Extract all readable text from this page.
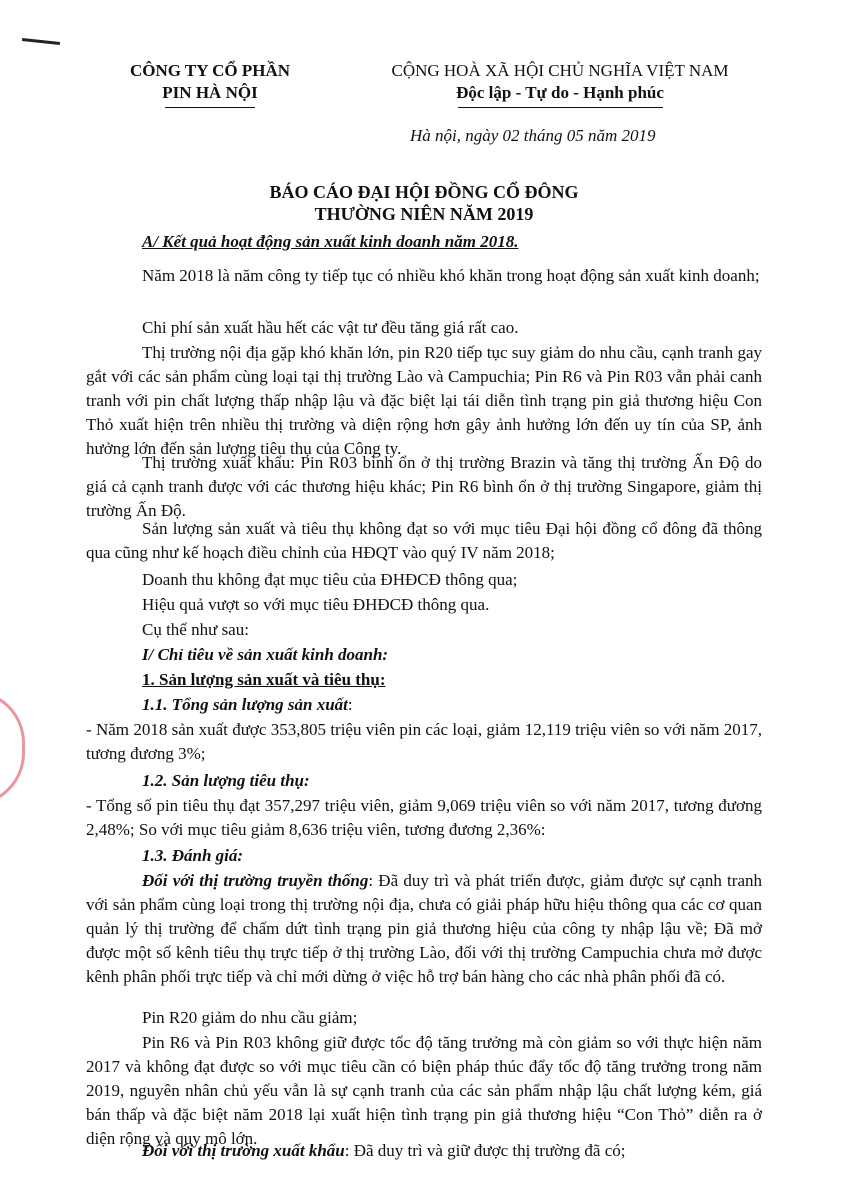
CÔNG TY CỔ PHẦN
PIN HÀ NỘI
CỘNG HOÀ XÃ HỘI CHỦ NGHĨA VIỆT NAM
Độc lập - Tự do - Hạnh phúc
Hà nội, ngày 02 tháng 05 năm 2019
BÁO CÁO ĐẠI HỘI ĐỒNG CỔ ĐÔNG
THƯỜNG NIÊN NĂM 2019
A/ Kết quả hoạt động sản xuất kinh doanh năm 2018.
Năm 2018 là năm công ty tiếp tục có nhiều khó khăn trong hoạt động sản xuất kinh doanh;
Chi phí sản xuất hầu hết các vật tư đều tăng giá rất cao.
Thị trường nội địa gặp khó khăn lớn, pin R20 tiếp tục suy giảm do nhu cầu, cạnh tranh gay gắt với các sản phẩm cùng loại tại thị trường Lào và Campuchia; Pin R6 và Pin R03 vẫn phải canh tranh với pin chất lượng thấp nhập lậu và đặc biệt lại tái diễn tình trạng pin giả thương hiệu Con Thỏ xuất hiện trên nhiều thị trường và diện rộng hơn gây ảnh hưởng lớn đến uy tín của SP, ảnh hưởng lớn đến sản lượng tiêu thụ của Công ty.
Thị trường xuất khẩu: Pin R03 bình ổn ở thị trường Brazin và tăng thị trường Ấn Độ do giá cả cạnh tranh được với các thương hiệu khác; Pin R6 bình ổn ở thị trường Singapore, giảm thị trường Ấn Độ.
Sản lượng sản xuất và tiêu thụ không đạt so với mục tiêu Đại hội đồng cổ đông đã thông qua cũng như kế hoạch điều chỉnh của HĐQT vào quý IV năm 2018;
Doanh thu không đạt mục tiêu của ĐHĐCĐ thông qua;
Hiệu quả vượt so với mục tiêu ĐHĐCĐ thông qua.
Cụ thể như sau:
I/ Chỉ tiêu về sản xuất kinh doanh:
1. Sản lượng sản xuất và tiêu thụ:
1.1. Tổng sản lượng sản xuất:
- Năm 2018 sản xuất được 353,805 triệu viên pin các loại, giảm 12,119 triệu viên so với năm 2017, tương đương 3%;
1.2. Sản lượng tiêu thụ:
- Tổng số pin tiêu thụ đạt 357,297 triệu viên, giảm 9,069 triệu viên so với năm 2017, tương đương 2,48%; So với mục tiêu giảm 8,636 triệu viên, tương đương 2,36%:
1.3. Đánh giá:
Đối với thị trường truyền thống: Đã duy trì và phát triển được, giảm được sự cạnh tranh với sản phẩm cùng loại trong thị trường nội địa, chưa có giải pháp hữu hiệu thông qua các cơ quan quản lý thị trường để chấm dứt tình trạng pin giả thương hiệu của công ty nhập lậu về; Đã mở được một số kênh tiêu thụ trực tiếp ở thị trường Lào, đối với thị trường Campuchia chưa mở được kênh phân phối trực tiếp và chỉ mới dừng ở việc hỗ trợ bán hàng cho các nhà phân phối đã có.
Pin R20 giảm do nhu cầu giảm;
Pin R6 và Pin R03 không giữ được tốc độ tăng trưởng mà còn giảm so với thực hiện năm 2017 và không đạt được so với mục tiêu cần có biện pháp thúc đẩy tốc độ tăng trưởng trong năm 2019, nguyên nhân chủ yếu vẫn là sự cạnh tranh của các sản phẩm nhập lậu chất lượng kém, giá bán thấp và đặc biệt năm 2018 lại xuất hiện tình trạng pin giả thương hiệu “Con Thỏ” diễn ra ở diện rộng và quy mô lớn.
Đối với thị trường xuất khẩu: Đã duy trì và giữ được thị trường đã có;
